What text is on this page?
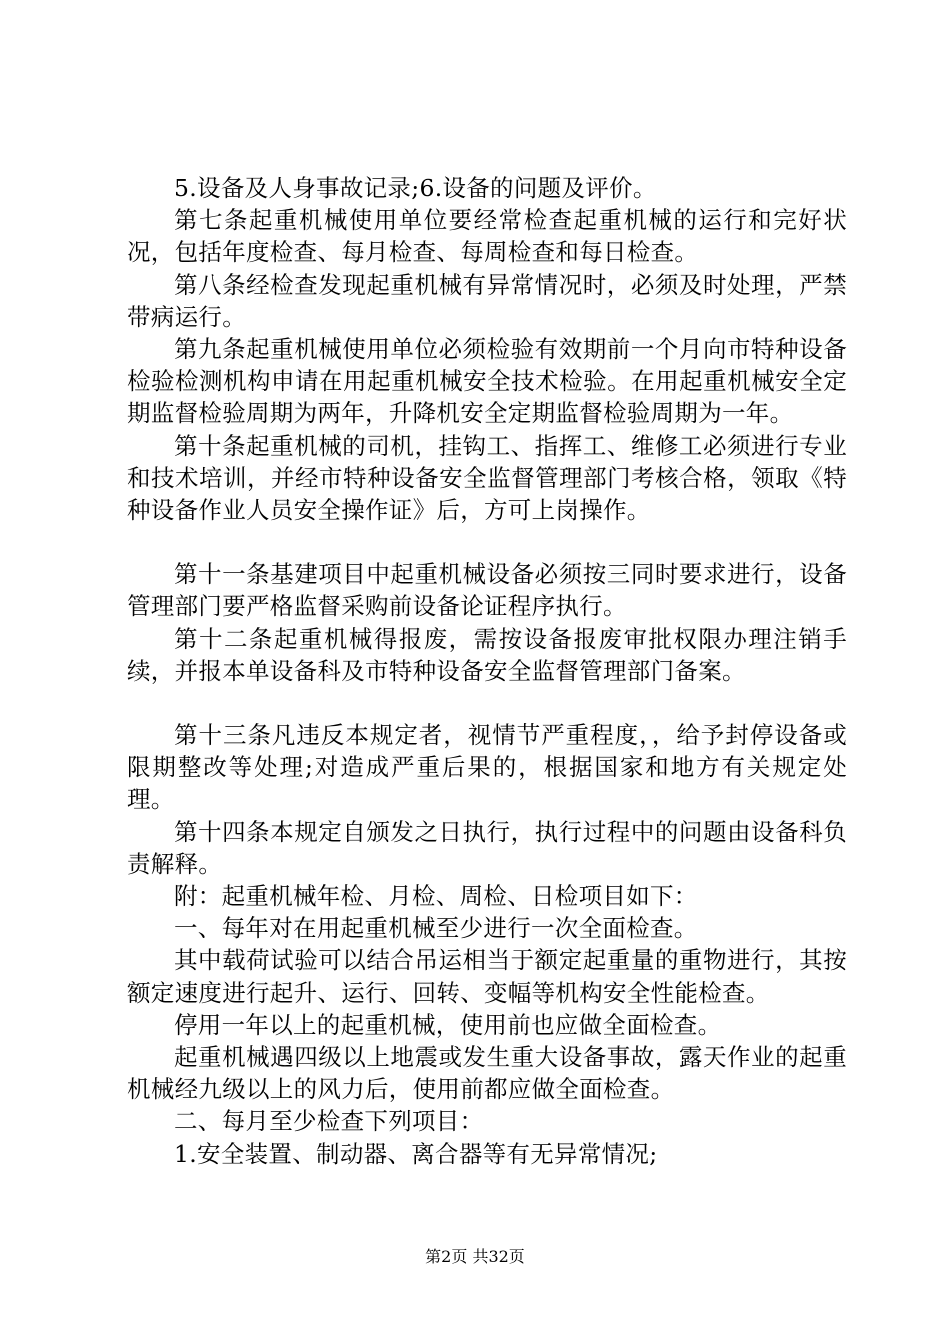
5.设备及人身事故记录;6.设备的问题及评价。

第七条起重机械使用单位要经常检查起重机械的运行和完好状况，包括年度检查、每月检查、每周检查和每日检查。

第八条经检查发现起重机械有异常情况时，必须及时处理，严禁带病运行。

第九条起重机械使用单位必须检验有效期前一个月向市特种设备检验检测机构申请在用起重机械安全技术检验。在用起重机械安全定期监督检验周期为两年，升降机安全定期监督检验周期为一年。

第十条起重机械的司机，挂钩工、指挥工、维修工必须进行专业和技术培训，并经市特种设备安全监督管理部门考核合格，领取《特种设备作业人员安全操作证》后，方可上岗操作。

第十一条基建项目中起重机械设备必须按三同时要求进行，设备管理部门要严格监督采购前设备论证程序执行。

第十二条起重机械得报废，需按设备报废审批权限办理注销手续，并报本单设备科及市特种设备安全监督管理部门备案。

第十三条凡违反本规定者，视情节严重程度，，给予封停设备或限期整改等处理;对造成严重后果的，根据国家和地方有关规定处理。

第十四条本规定自颁发之日执行，执行过程中的问题由设备科负责解释。

附：起重机械年检、月检、周检、日检项目如下：

一、每年对在用起重机械至少进行一次全面检查。

其中载荷试验可以结合吊运相当于额定起重量的重物进行，其按额定速度进行起升、运行、回转、变幅等机构安全性能检查。

停用一年以上的起重机械，使用前也应做全面检查。

起重机械遇四级以上地震或发生重大设备事故，露天作业的起重机械经九级以上的风力后，使用前都应做全面检查。

二、每月至少检查下列项目：

1.安全装置、制动器、离合器等有无异常情况;

第2页 共32页
